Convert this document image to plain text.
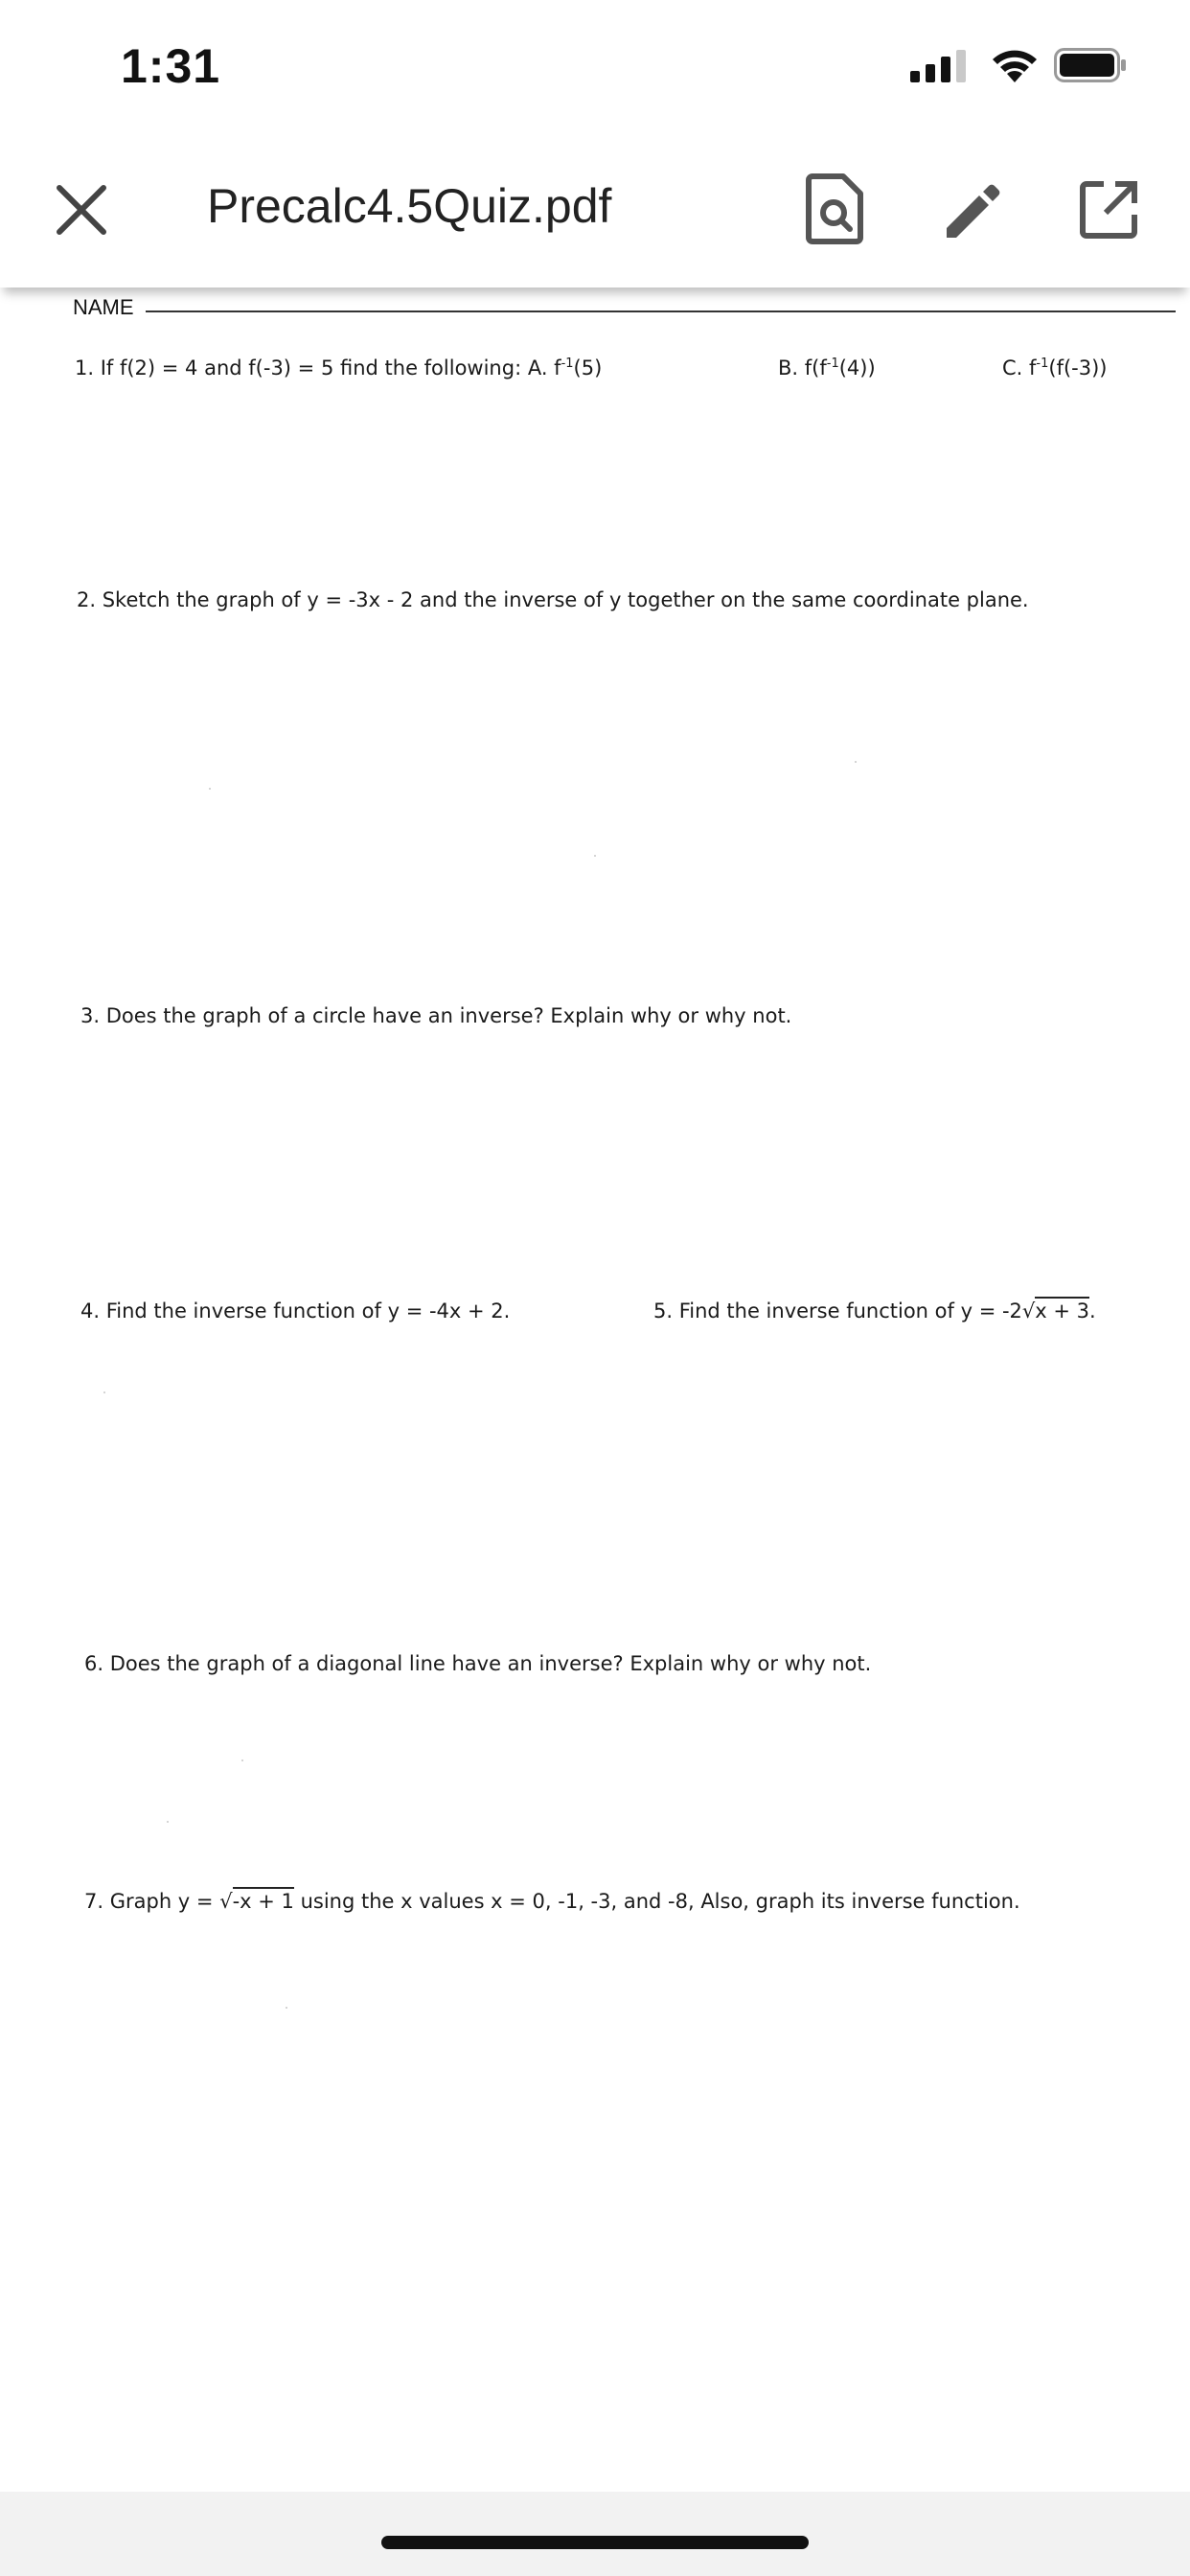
1:31
Precalc4.5Quiz.pdf
NAME
1. If f(2) = 4 and f(-3) = 5 find the following: A. $f^{-1}(5)$	B. $f(f^{-1}(4))$	C. $f^{-1}(f(-3))$
2. Sketch the graph of y = -3x - 2 and the inverse of y together on the same coordinate plane.
3. Does the graph of a circle have an inverse? Explain why or why not.
4. Find the inverse function of y = -4x + 2.	5. Find the inverse function of y = -2√x + 3.
6. Does the graph of a diagonal line have an inverse? Explain why or why not.
7. Graph y = √-x + 1 using the x values x = 0, -1, -3, and -8, Also, graph its inverse function.
